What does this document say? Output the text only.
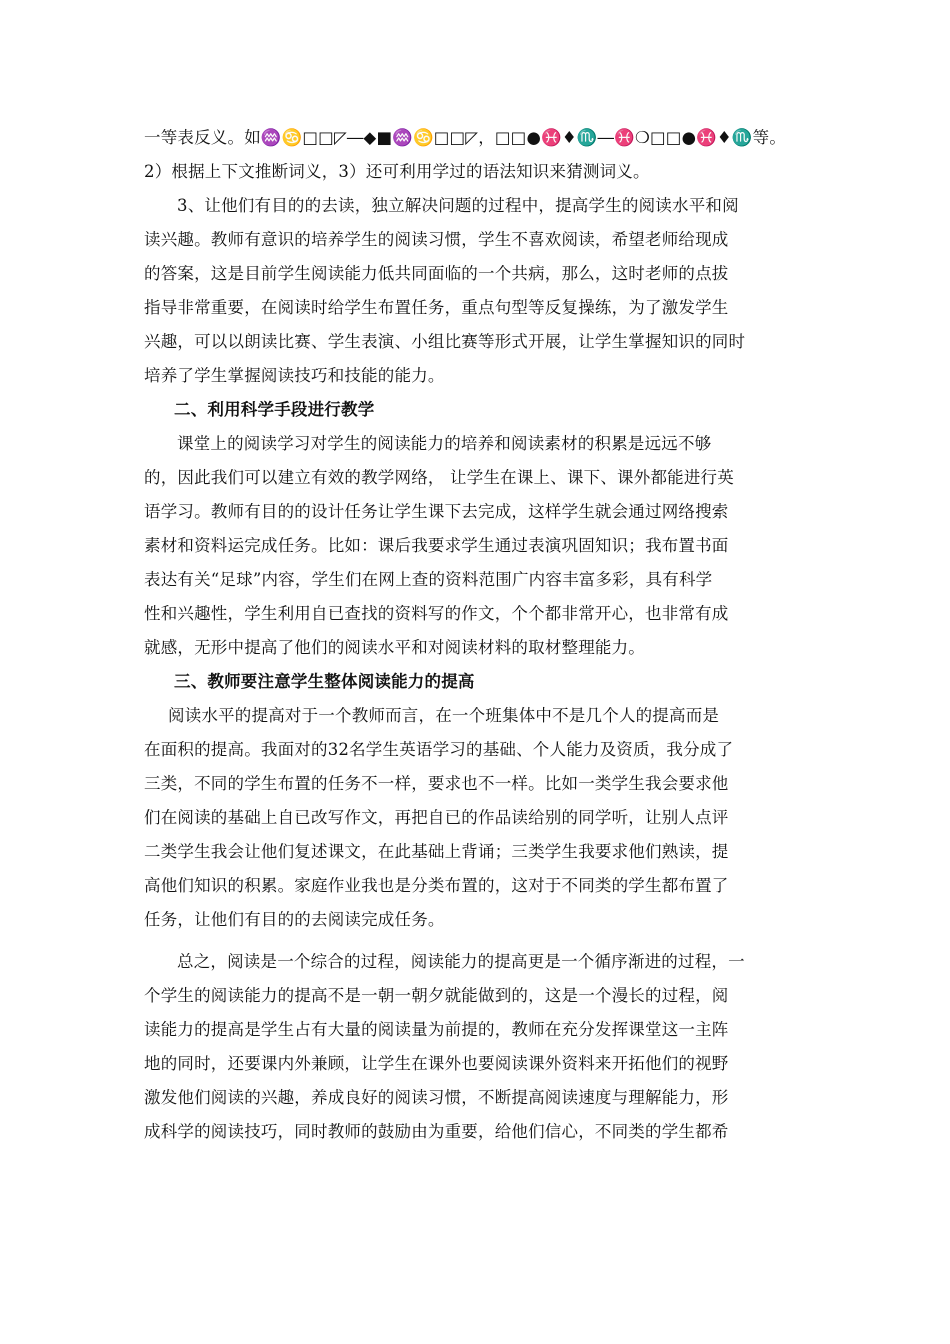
一等表反义。如♒♋□□◸―◆■♒♋□□◸，□□●♓♦♏―♓❍□□●♓♦♏等。
2）根据上下文推断词义，3）还可利用学过的语法知识来猜测词义。
3、让他们有目的的去读，独立解决问题的过程中，提高学生的阅读水平和阅
读兴趣。教师有意识的培养学生的阅读习惯，学生不喜欢阅读，希望老师给现成
的答案，这是目前学生阅读能力低共同面临的一个共病，那么，这时老师的点拔
指导非常重要，在阅读时给学生布置任务，重点句型等反复操练，为了激发学生
兴趣，可以以朗读比赛、学生表演、小组比赛等形式开展，让学生掌握知识的同时
培养了学生掌握阅读技巧和技能的能力。
二、利用科学手段进行教学
课堂上的阅读学习对学生的阅读能力的培养和阅读素材的积累是远远不够
的，因此我们可以建立有效的教学网络， 让学生在课上、课下、课外都能进行英
语学习。教师有目的的设计任务让学生课下去完成，这样学生就会通过网络搜索
素材和资料运完成任务。比如：课后我要求学生通过表演巩固知识；我布置书面
表达有关“足球”内容，学生们在网上查的资料范围广内容丰富多彩，具有科学
性和兴趣性，学生利用自已查找的资料写的作文，个个都非常开心，也非常有成
就感，无形中提高了他们的阅读水平和对阅读材料的取材整理能力。
三、教师要注意学生整体阅读能力的提高
阅读水平的提高对于一个教师而言，在一个班集体中不是几个人的提高而是
在面积的提高。我面对的32名学生英语学习的基础、个人能力及资质，我分成了
三类，不同的学生布置的任务不一样，要求也不一样。比如一类学生我会要求他
们在阅读的基础上自已改写作文，再把自已的作品读给别的同学听，让别人点评
二类学生我会让他们复述课文，在此基础上背诵；三类学生我要求他们熟读，提
高他们知识的积累。家庭作业我也是分类布置的，这对于不同类的学生都布置了
任务，让他们有目的的去阅读完成任务。
总之，阅读是一个综合的过程，阅读能力的提高更是一个循序渐进的过程，一
个学生的阅读能力的提高不是一朝一朝夕就能做到的，这是一个漫长的过程，阅
读能力的提高是学生占有大量的阅读量为前提的，教师在充分发挥课堂这一主阵
地的同时，还要课内外兼顾，让学生在课外也要阅读课外资料来开拓他们的视野
激发他们阅读的兴趣，养成良好的阅读习惯，不断提高阅读速度与理解能力，形
成科学的阅读技巧，同时教师的鼓励由为重要，给他们信心，不同类的学生都希
